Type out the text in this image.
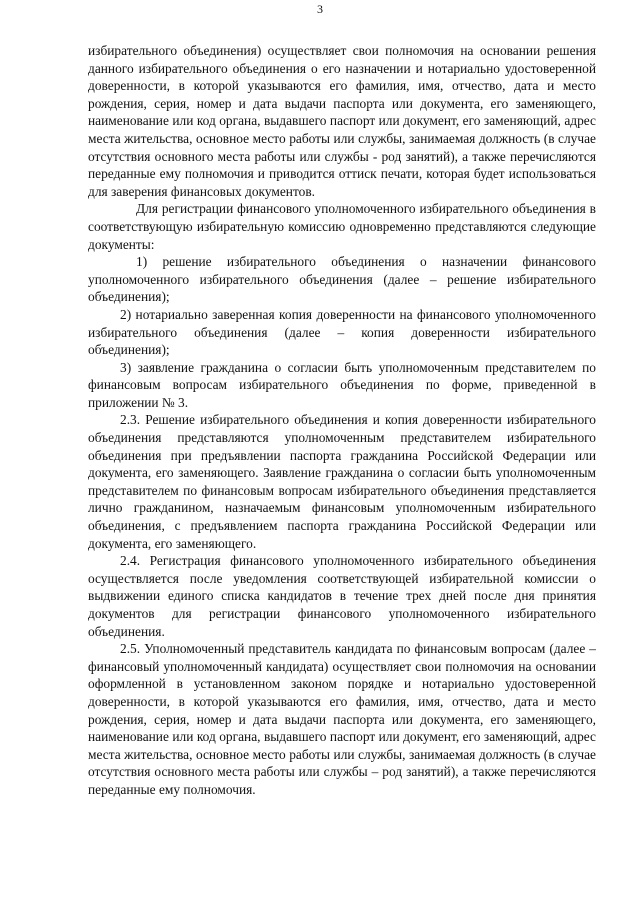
3

избирательного объединения) осуществляет свои полномочия на основании решения данного избирательного объединения о его назначении и нотариально удостоверенной доверенности, в которой указываются его фамилия, имя, отчество, дата и место рождения, серия, номер и дата выдачи паспорта или документа, его заменяющего, наименование или код органа, выдавшего паспорт или документ, его заменяющий, адрес места жительства, основное место работы или службы, занимаемая должность (в случае отсутствия основного места работы или службы - род занятий), а также перечисляются переданные ему полномочия и приводится оттиск печати, которая будет использоваться для заверения финансовых документов.

Для регистрации финансового уполномоченного избирательного объединения в соответствующую избирательную комиссию одновременно представляются следующие документы:

1) решение избирательного объединения о назначении финансового уполномоченного избирательного объединения (далее – решение избирательного объединения);

2) нотариально заверенная копия доверенности на финансового уполномоченного избирательного объединения (далее – копия доверенности избирательного объединения);

3) заявление гражданина о согласии быть уполномоченным представителем по финансовым вопросам избирательного объединения по форме, приведенной в приложении № 3.

2.3. Решение избирательного объединения и копия доверенности избирательного объединения представляются уполномоченным представителем избирательного объединения при предъявлении паспорта гражданина Российской Федерации или документа, его заменяющего. Заявление гражданина о согласии быть уполномоченным представителем по финансовым вопросам избирательного объединения представляется лично гражданином, назначаемым финансовым уполномоченным избирательного объединения, с предъявлением паспорта гражданина Российской Федерации или документа, его заменяющего.

2.4. Регистрация финансового уполномоченного избирательного объединения осуществляется после уведомления соответствующей избирательной комиссии о выдвижении единого списка кандидатов в течение трех дней после дня принятия документов для регистрации финансового уполномоченного избирательного объединения.

2.5. Уполномоченный представитель кандидата по финансовым вопросам (далее – финансовый уполномоченный кандидата) осуществляет свои полномочия на основании оформленной в установленном законом порядке и нотариально удостоверенной доверенности, в которой указываются его фамилия, имя, отчество, дата и место рождения, серия, номер и дата выдачи паспорта или документа, его заменяющего, наименование или код органа, выдавшего паспорт или документ, его заменяющий, адрес места жительства, основное место работы или службы, занимаемая должность (в случае отсутствия основного места работы или службы – род занятий), а также перечисляются переданные ему полномочия.
